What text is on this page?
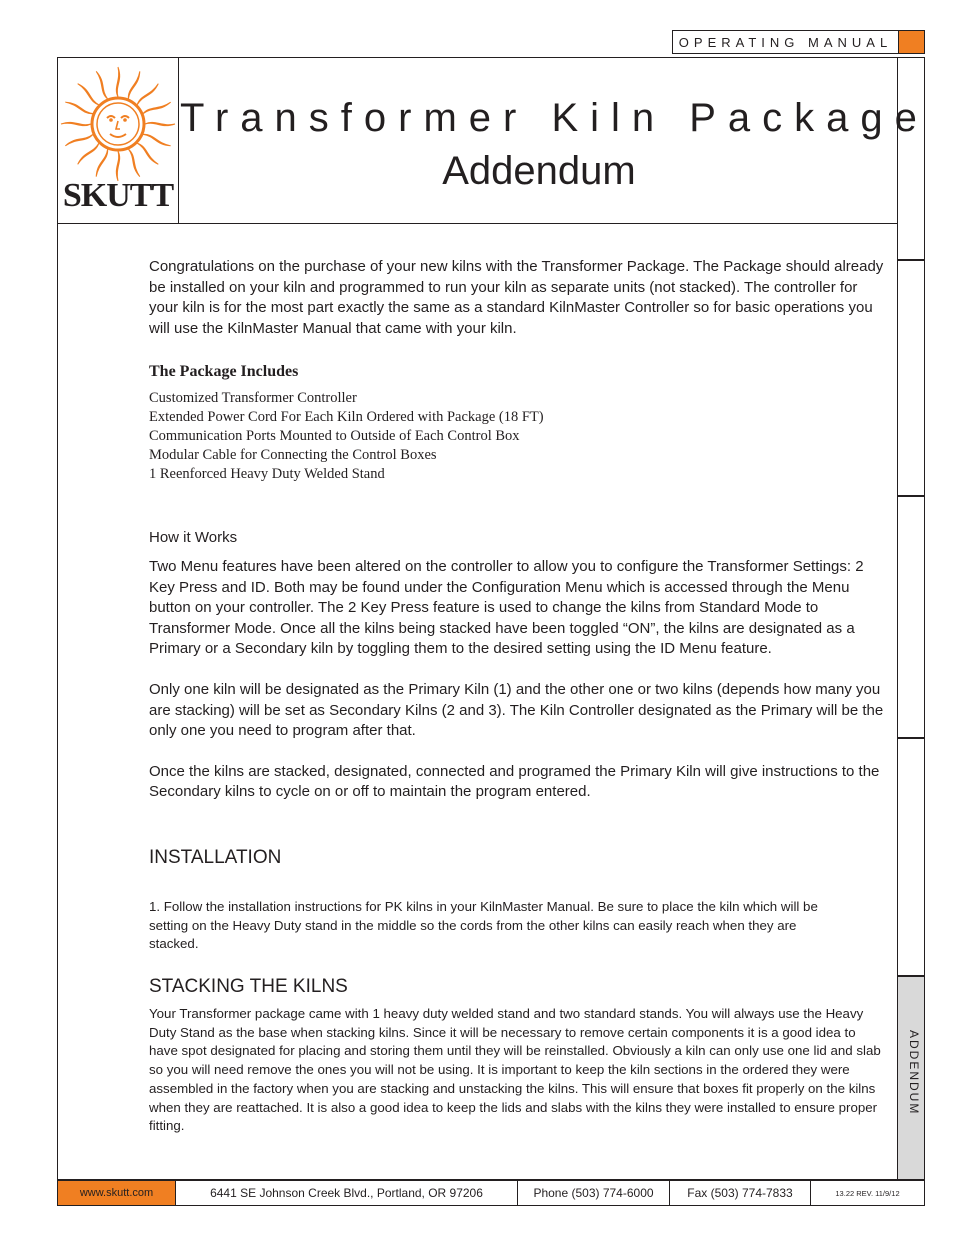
OPERATING MANUAL
SKUTT
Transformer Kiln Package
Addendum
ADDENDUM

Congratulations on the purchase of your new kilns with the Transformer Package. The Package should already be installed on your kiln and programmed to run your kiln as separate units (not stacked). The controller for your kiln is for the most part exactly the same as a standard KilnMaster Controller so for basic operations you will use the KilnMaster Manual that came with your kiln.

The Package Includes

Customized Transformer Controller

Extended Power Cord For Each Kiln Ordered with Package (18 FT)

Communication Ports Mounted to Outside of Each Control Box

Modular Cable for Connecting the Control Boxes

1 Reenforced Heavy Duty Welded Stand

How it Works

Two Menu features have been altered on the controller to allow you to configure the Transformer Settings: 2 Key Press and ID. Both may be found under the Configuration Menu which is accessed through the Menu button on your controller. The 2 Key Press feature is used to change the kilns from Standard Mode to Transformer Mode. Once all the kilns being stacked have been toggled “ON”, the kilns are designated as a Primary or a Secondary kiln by toggling them to the desired setting using the ID Menu feature.

Only one kiln will be designated as the Primary Kiln (1) and the other one or two kilns (depends how many you are stacking) will be set as Secondary Kilns (2 and 3). The Kiln Controller designated as the Primary will be the only one you need to program after that.

Once the kilns are stacked, designated, connected and programed the Primary Kiln will give instructions to the Secondary kilns to cycle on or off to maintain the program entered.

INSTALLATION

1. Follow the installation instructions for PK kilns in your KilnMaster Manual. Be sure to place the kiln which will be setting on the Heavy Duty stand in the middle so the cords from the other kilns can easily reach when they are stacked.

STACKING THE KILNS

Your Transformer package came with 1 heavy duty welded stand and two standard stands. You will always use the Heavy Duty Stand as the base when stacking kilns. Since it will be necessary to remove certain components it is a good idea to have spot designated for placing and storing them until they will be reinstalled. Obviously a kiln can only use one lid and slab so you will need remove the ones you will not be using. It is important to keep the kiln sections in the ordered they were assembled in the factory when you are stacking and unstacking the kilns. This will ensure that boxes fit properly on the kilns when they are reattached. It is also a good idea to keep the lids and slabs with the kilns they were installed to ensure proper fitting.

www.skutt.com	6441 SE Johnson Creek Blvd., Portland, OR 97206	Phone (503) 774-6000	Fax (503) 774-7833	13.22 REV. 11/9/12
